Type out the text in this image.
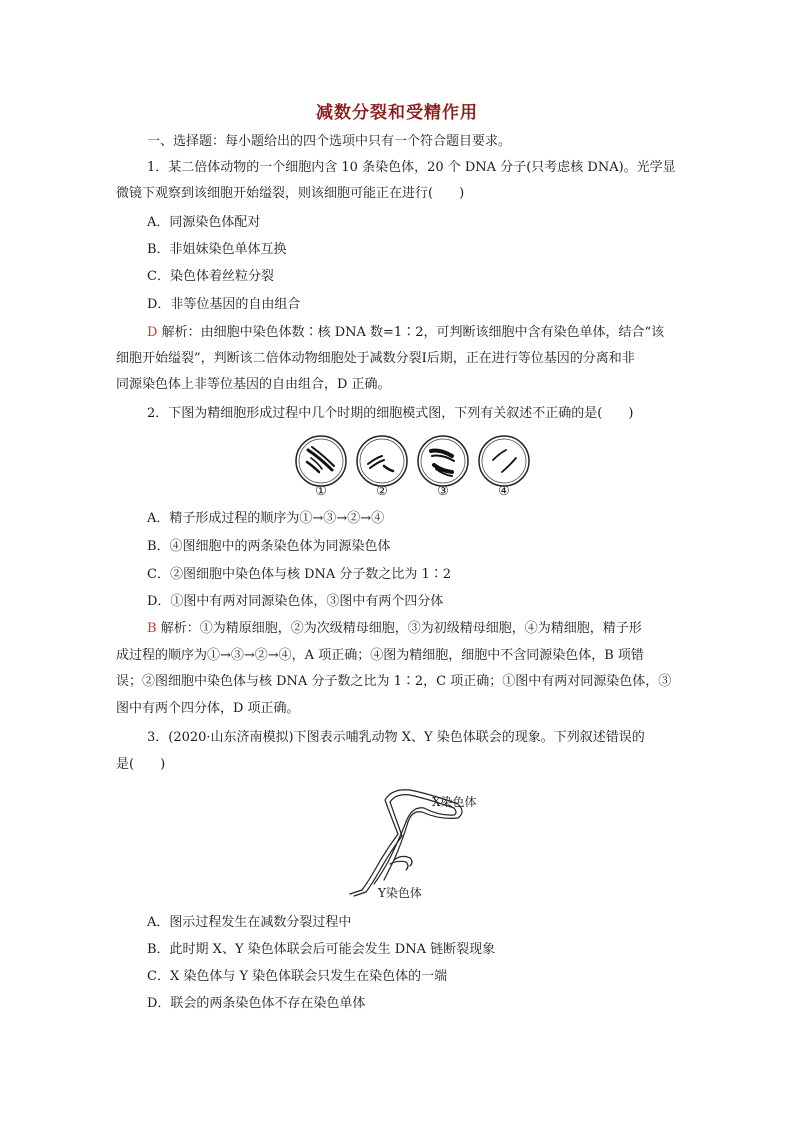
减数分裂和受精作用
一、选择题：每小题给出的四个选项中只有一个符合题目要求。
1．某二倍体动物的一个细胞内含 10 条染色体，20 个 DNA 分子(只考虑核 DNA)。光学显
微镜下观察到该细胞开始缢裂，则该细胞可能正在进行(　　)
A．同源染色体配对
B．非姐妹染色单体互换
C．染色体着丝粒分裂
D．非等位基因的自由组合
D 解析：由细胞中染色体数∶核 DNA 数=1∶2，可判断该细胞中含有染色单体，结合“该
细胞开始缢裂”，判断该二倍体动物细胞处于减数分裂Ⅰ后期，正在进行等位基因的分离和非
同源染色体上非等位基因的自由组合，D 正确。
2．下图为精细胞形成过程中几个时期的细胞模式图，下列有关叙述不正确的是(　　)
①	②	③	④
A．精子形成过程的顺序为①→③→②→④
B．④图细胞中的两条染色体为同源染色体
C．②图细胞中染色体与核 DNA 分子数之比为 1∶2
D．①图中有两对同源染色体，③图中有两个四分体
B 解析：①为精原细胞，②为次级精母细胞，③为初级精母细胞，④为精细胞，精子形
成过程的顺序为①→③→②→④，A 项正确；④图为精细胞，细胞中不含同源染色体，B 项错
误；②图细胞中染色体与核 DNA 分子数之比为 1∶2，C 项正确；①图中有两对同源染色体，③
图中有两个四分体，D 项正确。
3．(2020·山东济南模拟)下图表示哺乳动物 X、Y 染色体联会的现象。下列叙述错误的
是(　　)
X染色体
Y染色体
A．图示过程发生在减数分裂过程中
B．此时期 X、Y 染色体联会后可能会发生 DNA 链断裂现象
C．X 染色体与 Y 染色体联会只发生在染色体的一端
D．联会的两条染色体不存在染色单体
